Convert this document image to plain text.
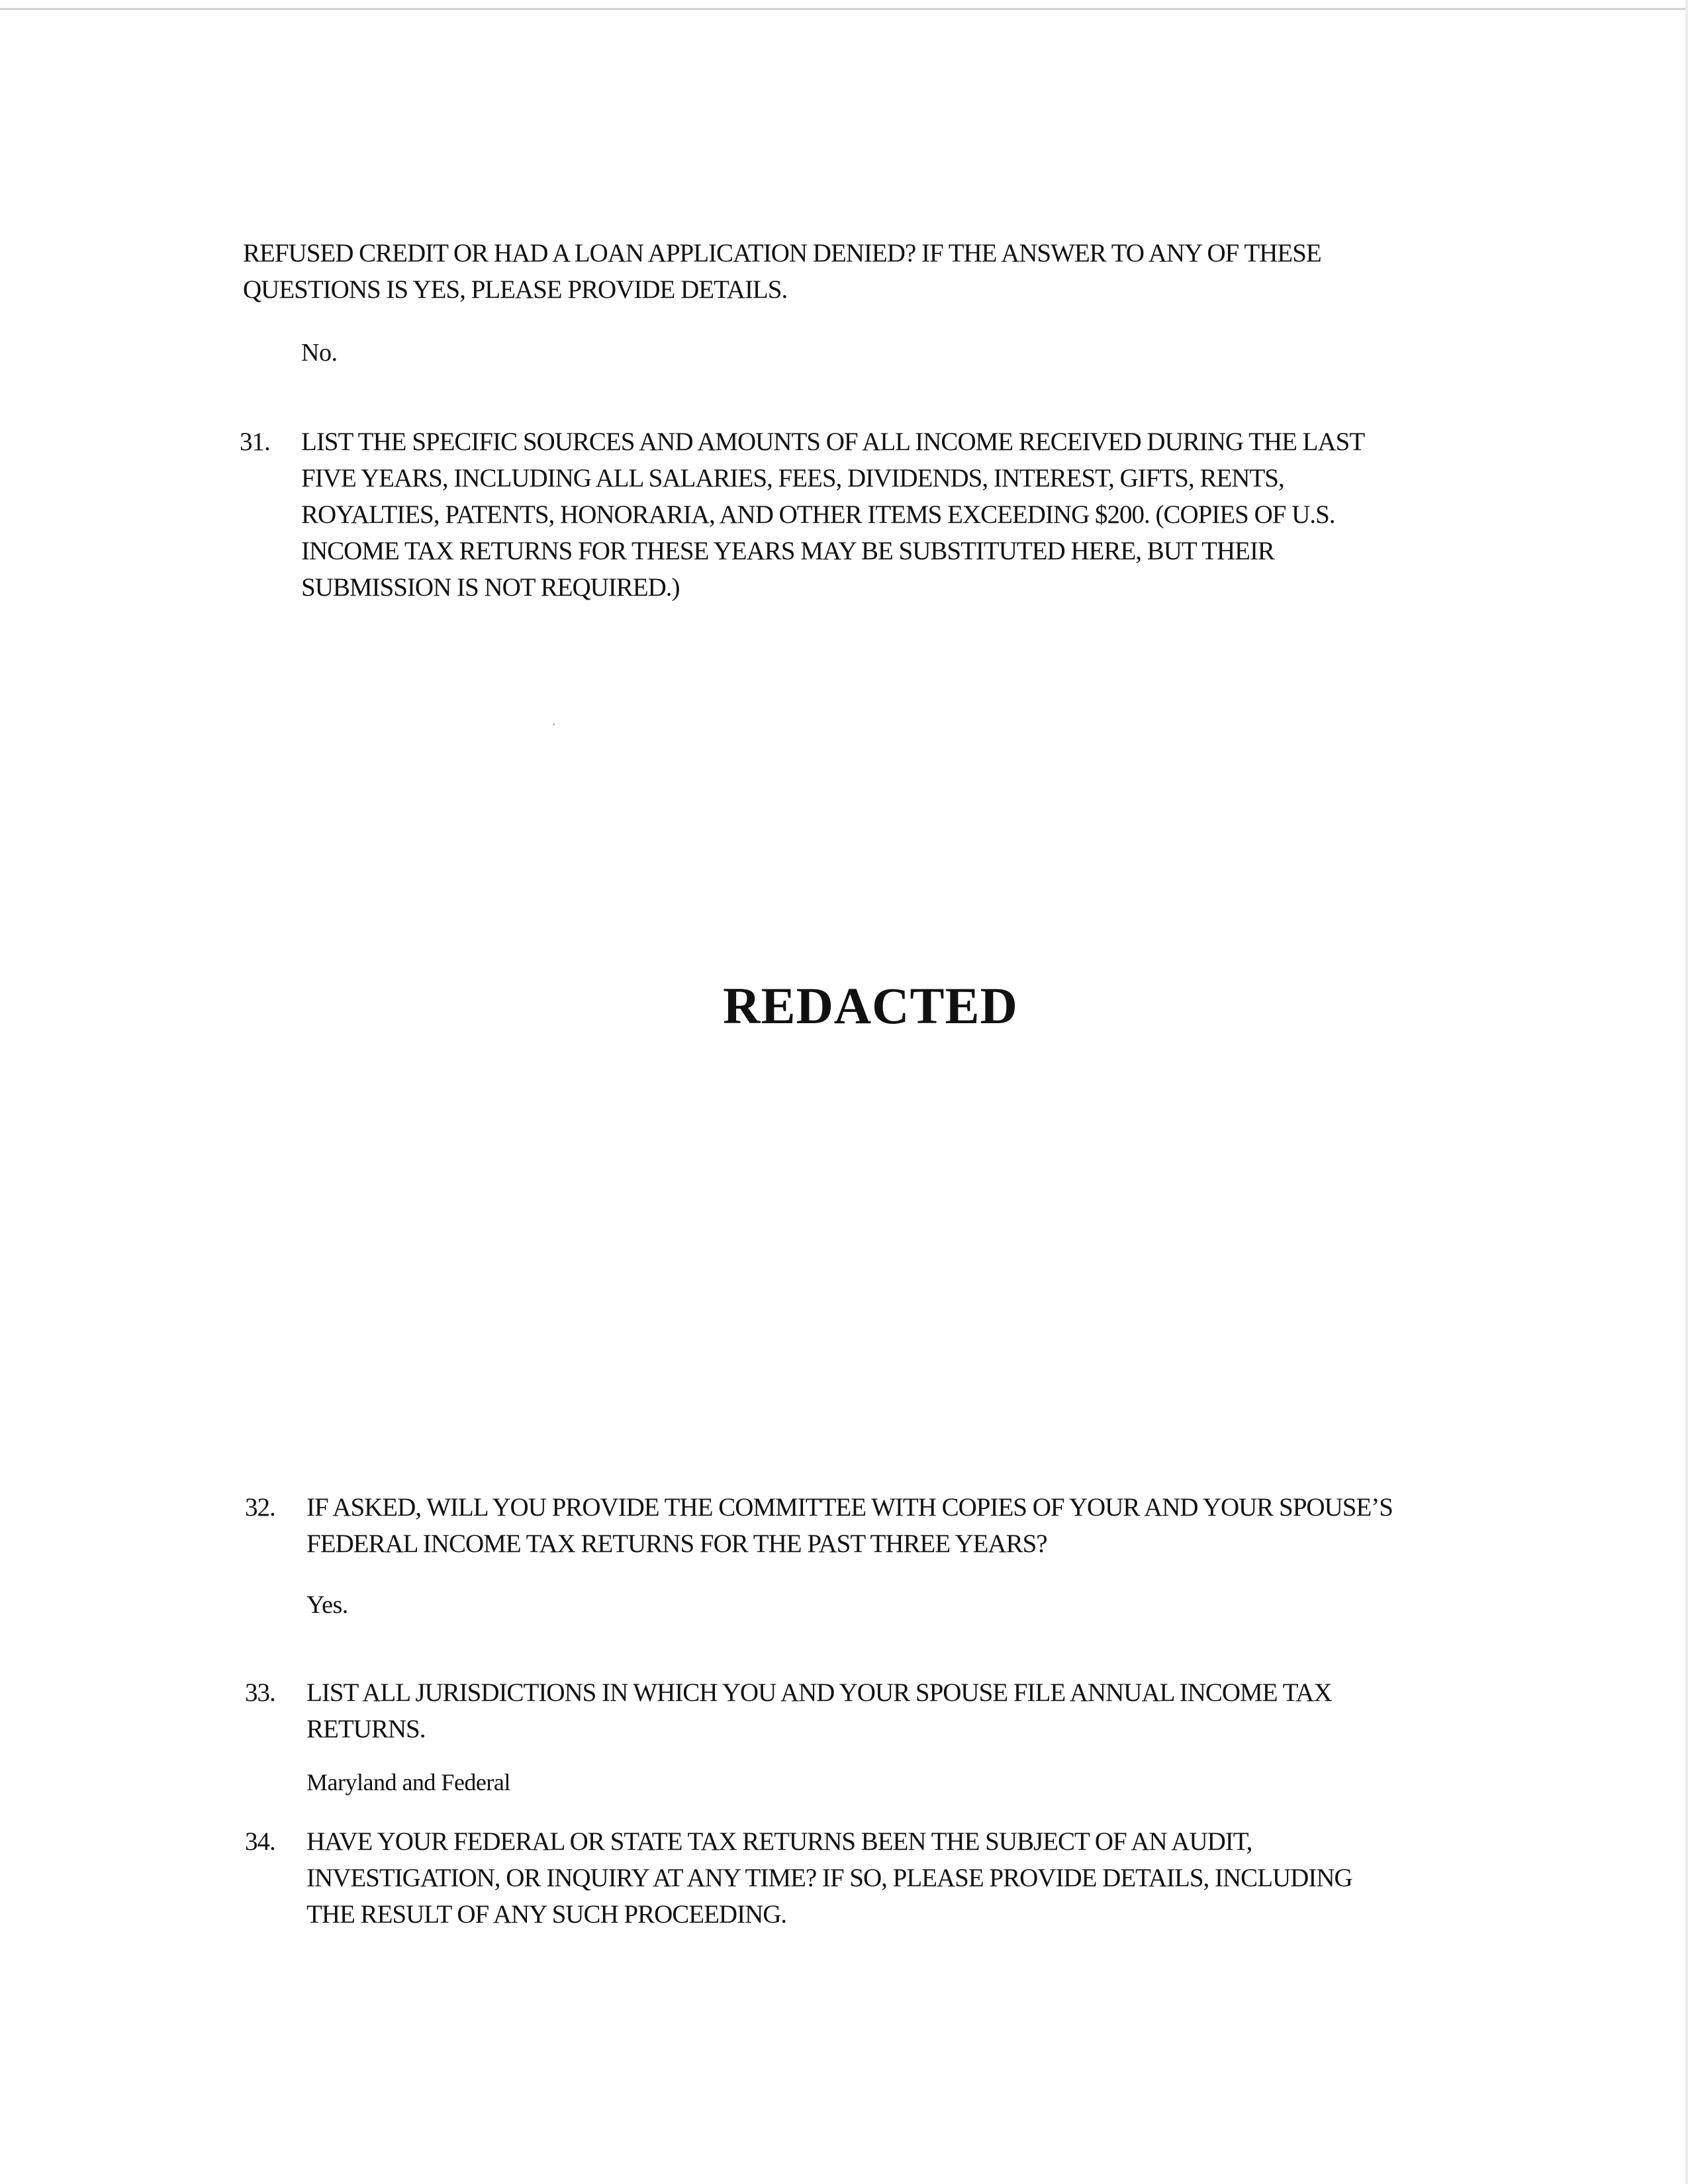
REFUSED CREDIT OR HAD A LOAN APPLICATION DENIED? IF THE ANSWER TO ANY OF THESE
QUESTIONS IS YES, PLEASE PROVIDE DETAILS.
No.
31. LIST THE SPECIFIC SOURCES AND AMOUNTS OF ALL INCOME RECEIVED DURING THE LAST
FIVE YEARS, INCLUDING ALL SALARIES, FEES, DIVIDENDS, INTEREST, GIFTS, RENTS,
ROYALTIES, PATENTS, HONORARIA, AND OTHER ITEMS EXCEEDING $200. (COPIES OF U.S.
INCOME TAX RETURNS FOR THESE YEARS MAY BE SUBSTITUTED HERE, BUT THEIR
SUBMISSION IS NOT REQUIRED.)
REDACTED
32. IF ASKED, WILL YOU PROVIDE THE COMMITTEE WITH COPIES OF YOUR AND YOUR SPOUSE’S
FEDERAL INCOME TAX RETURNS FOR THE PAST THREE YEARS?
Yes.
33. LIST ALL JURISDICTIONS IN WHICH YOU AND YOUR SPOUSE FILE ANNUAL INCOME TAX
RETURNS.
Maryland and Federal
34. HAVE YOUR FEDERAL OR STATE TAX RETURNS BEEN THE SUBJECT OF AN AUDIT,
INVESTIGATION, OR INQUIRY AT ANY TIME? IF SO, PLEASE PROVIDE DETAILS, INCLUDING
THE RESULT OF ANY SUCH PROCEEDING.
